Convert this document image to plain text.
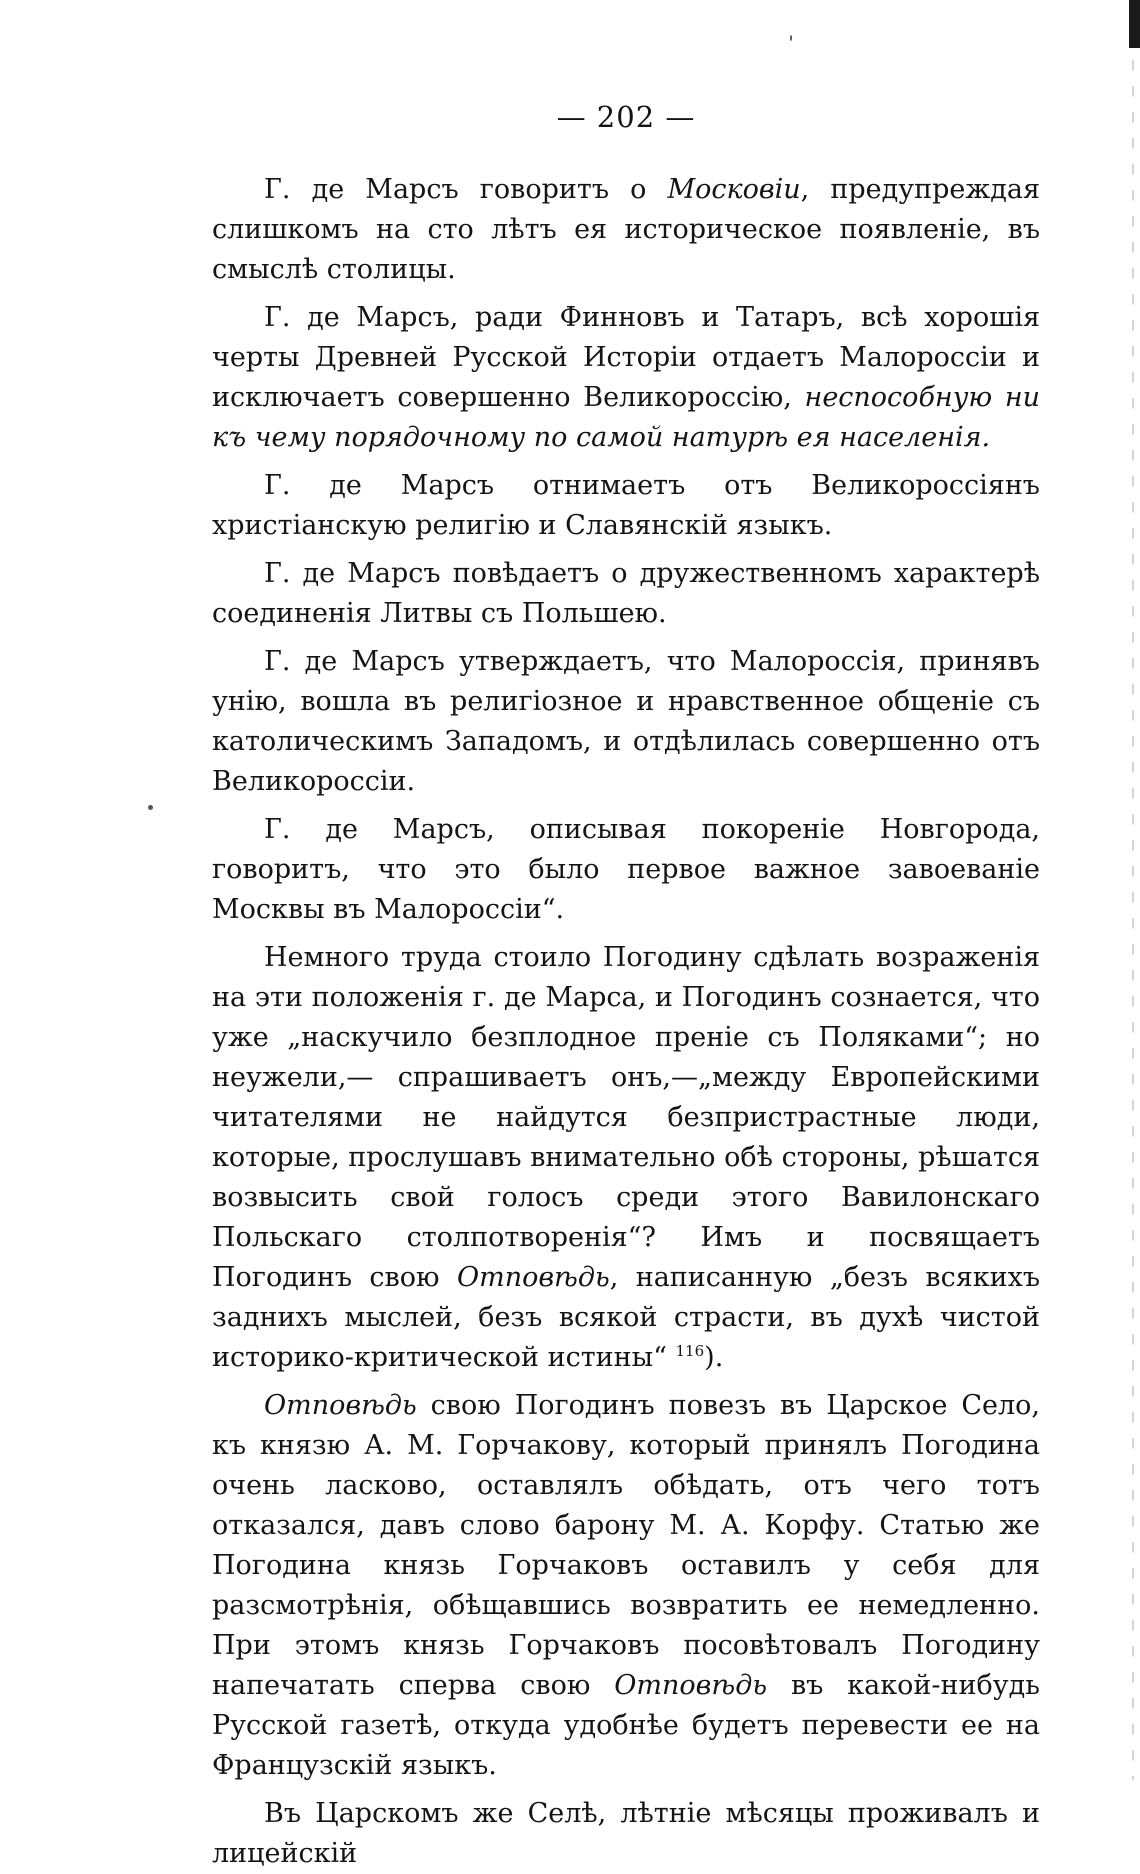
— 202 —

Г. де Марсъ говоритъ о Московіи, предупреждая слишкомъ на сто лѣтъ ея историческое появленіе, въ смыслѣ столицы.

Г. де Марсъ, ради Финновъ и Татаръ, всѣ хорошія черты Древней Русской Исторіи отдаетъ Малороссіи и исключаетъ совершенно Великороссію, неспособную ни къ чему порядочному по самой натурѣ ея населенія.

Г. де Марсъ отнимаетъ отъ Великороссіянъ христіанскую религію и Славянскій языкъ.

Г. де Марсъ повѣдаетъ о дружественномъ характерѣ соединенія Литвы съ Польшею.

Г. де Марсъ утверждаетъ, что Малороссія, принявъ унію, вошла въ религіозное и нравственное общеніе съ католическимъ Западомъ, и отдѣлилась совершенно отъ Великороссіи.

Г. де Марсъ, описывая покореніе Новгорода, говоритъ, что это было первое важное завоеваніе Москвы въ Малороссіи“.

Немного труда стоило Погодину сдѣлать возраженія на эти положенія г. де Марса, и Погодинъ сознается, что уже „наскучило безплодное преніе съ Поляками“; но неужели,— спрашиваетъ онъ,—„между Европейскими читателями не найдутся безпристрастные люди, которые, прослушавъ внимательно обѣ стороны, рѣшатся возвысить свой голосъ среди этого Вавилонскаго Польскаго столпотворенія“? Имъ и посвящаетъ Погодинъ свою Отповѣдь, написанную „безъ всякихъ заднихъ мыслей, безъ всякой страсти, въ духѣ чистой историко-критической истины“ $^{116}$).

Отповѣдь свою Погодинъ повезъ въ Царское Село, къ князю А. М. Горчакову, который принялъ Погодина очень ласково, оставлялъ обѣдать, отъ чего тотъ отказался, давъ слово барону М. А. Корфу. Статью же Погодина князь Горчаковъ оставилъ у себя для разсмотрѣнія, обѣщавшись возвратить ее немедленно. При этомъ князь Горчаковъ посовѣтовалъ Погодину напечатать сперва свою Отповѣдь въ какой-нибудь Русской газетѣ, откуда удобнѣе будетъ перевести ее на Французскій языкъ.

Въ Царскомъ же Селѣ, лѣтніе мѣсяцы проживалъ и лицейскій
